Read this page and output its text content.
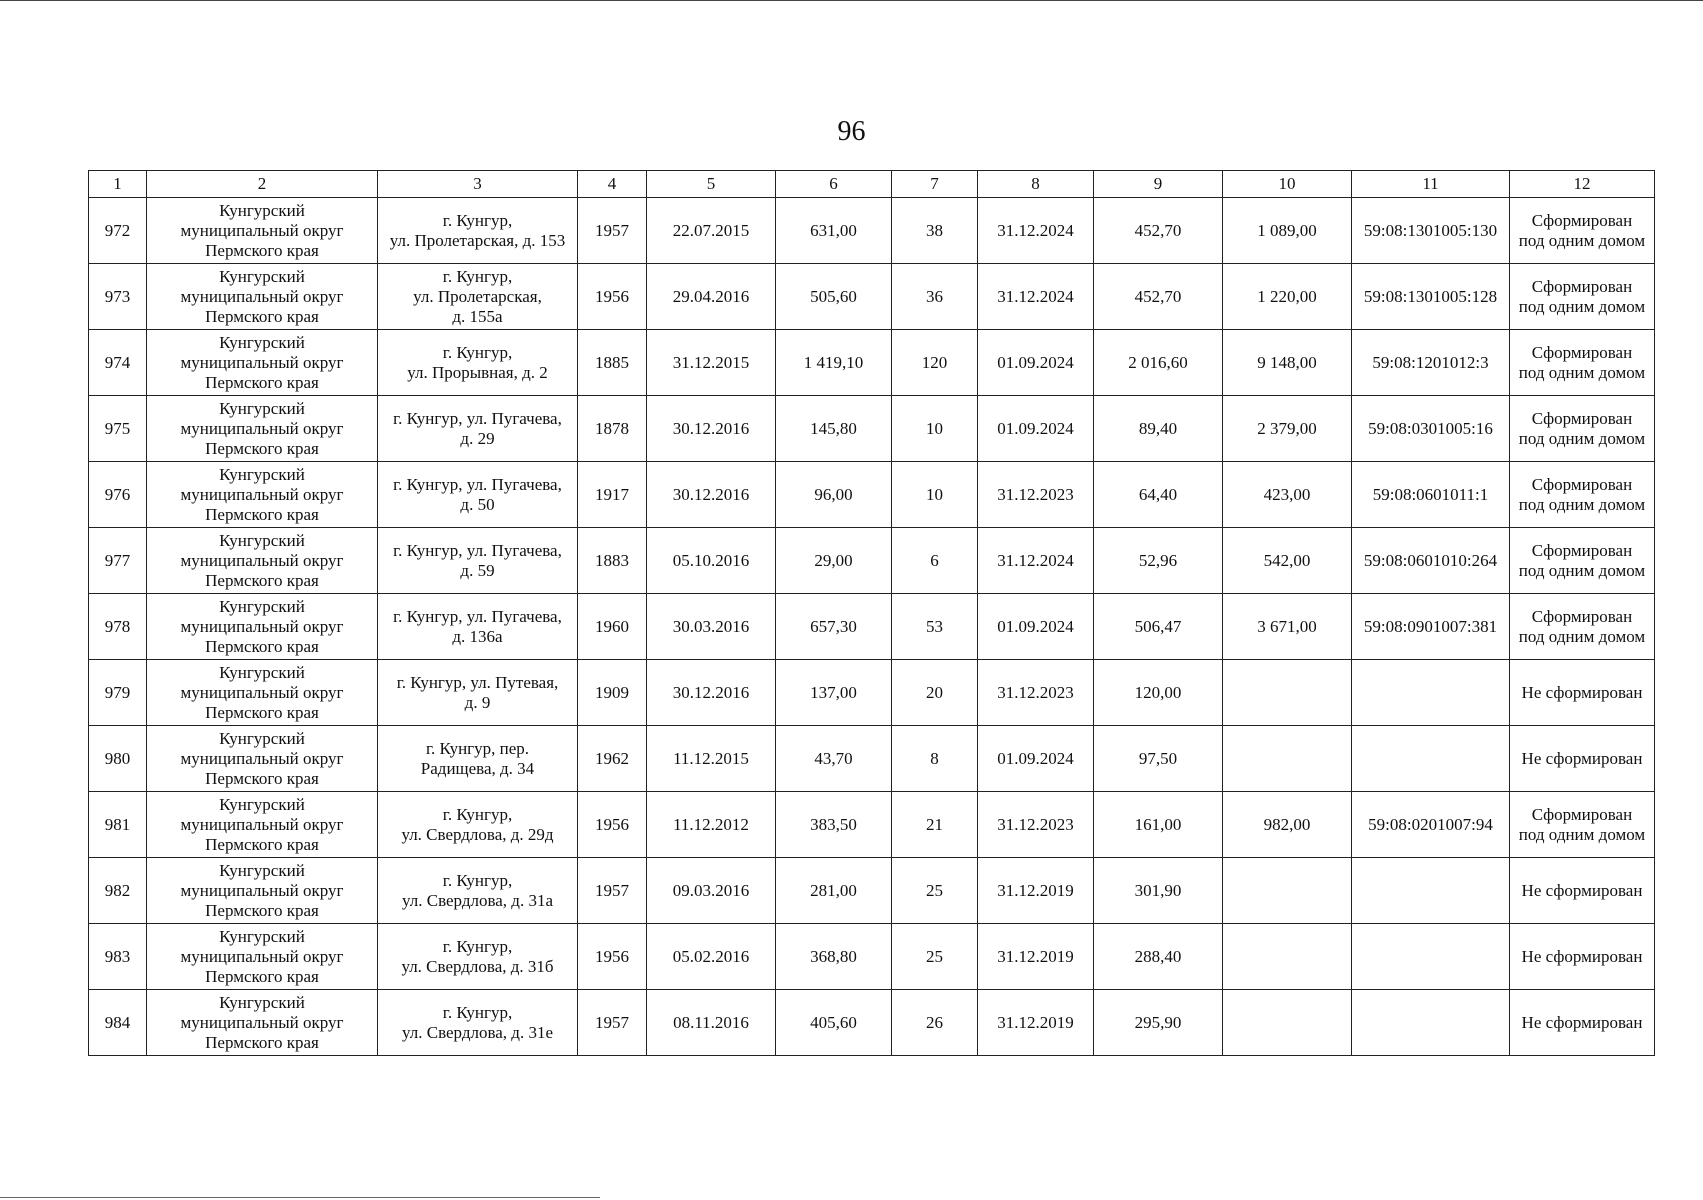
96
1	2	3	4	5	6	7	8	9	10	11	12

972	Кунгурский
муниципальный округ
Пермского края	г. Кунгур,
ул. Пролетарская, д. 153	1957	22.07.2015	631,00	38	31.12.2024	452,70	1 089,00	59:08:1301005:130	Сформирован
под одним домом

973	Кунгурский
муниципальный округ
Пермского края	г. Кунгур,
ул. Пролетарская,
д. 155а	1956	29.04.2016	505,60	36	31.12.2024	452,70	1 220,00	59:08:1301005:128	Сформирован
под одним домом

974	Кунгурский
муниципальный округ
Пермского края	г. Кунгур,
ул. Прорывная, д. 2	1885	31.12.2015	1 419,10	120	01.09.2024	2 016,60	9 148,00	59:08:1201012:3	Сформирован
под одним домом

975	Кунгурский
муниципальный округ
Пермского края	г. Кунгур, ул. Пугачева,
д. 29	1878	30.12.2016	145,80	10	01.09.2024	89,40	2 379,00	59:08:0301005:16	Сформирован
под одним домом

976	Кунгурский
муниципальный округ
Пермского края	г. Кунгур, ул. Пугачева,
д. 50	1917	30.12.2016	96,00	10	31.12.2023	64,40	423,00	59:08:0601011:1	Сформирован
под одним домом

977	Кунгурский
муниципальный округ
Пермского края	г. Кунгур, ул. Пугачева,
д. 59	1883	05.10.2016	29,00	6	31.12.2024	52,96	542,00	59:08:0601010:264	Сформирован
под одним домом

978	Кунгурский
муниципальный округ
Пермского края	г. Кунгур, ул. Пугачева,
д. 136а	1960	30.03.2016	657,30	53	01.09.2024	506,47	3 671,00	59:08:0901007:381	Сформирован
под одним домом

979	Кунгурский
муниципальный округ
Пермского края	г. Кунгур, ул. Путевая,
д. 9	1909	30.12.2016	137,00	20	31.12.2023	120,00			Не сформирован

980	Кунгурский
муниципальный округ
Пермского края	г. Кунгур, пер.
Радищева, д. 34	1962	11.12.2015	43,70	8	01.09.2024	97,50			Не сформирован

981	Кунгурский
муниципальный округ
Пермского края	г. Кунгур,
ул. Свердлова, д. 29д	1956	11.12.2012	383,50	21	31.12.2023	161,00	982,00	59:08:0201007:94	Сформирован
под одним домом

982	Кунгурский
муниципальный округ
Пермского края	г. Кунгур,
ул. Свердлова, д. 31а	1957	09.03.2016	281,00	25	31.12.2019	301,90			Не сформирован

983	Кунгурский
муниципальный округ
Пермского края	г. Кунгур,
ул. Свердлова, д. 31б	1956	05.02.2016	368,80	25	31.12.2019	288,40			Не сформирован

984	Кунгурский
муниципальный округ
Пермского края	г. Кунгур,
ул. Свердлова, д. 31е	1957	08.11.2016	405,60	26	31.12.2019	295,90			Не сформирован
